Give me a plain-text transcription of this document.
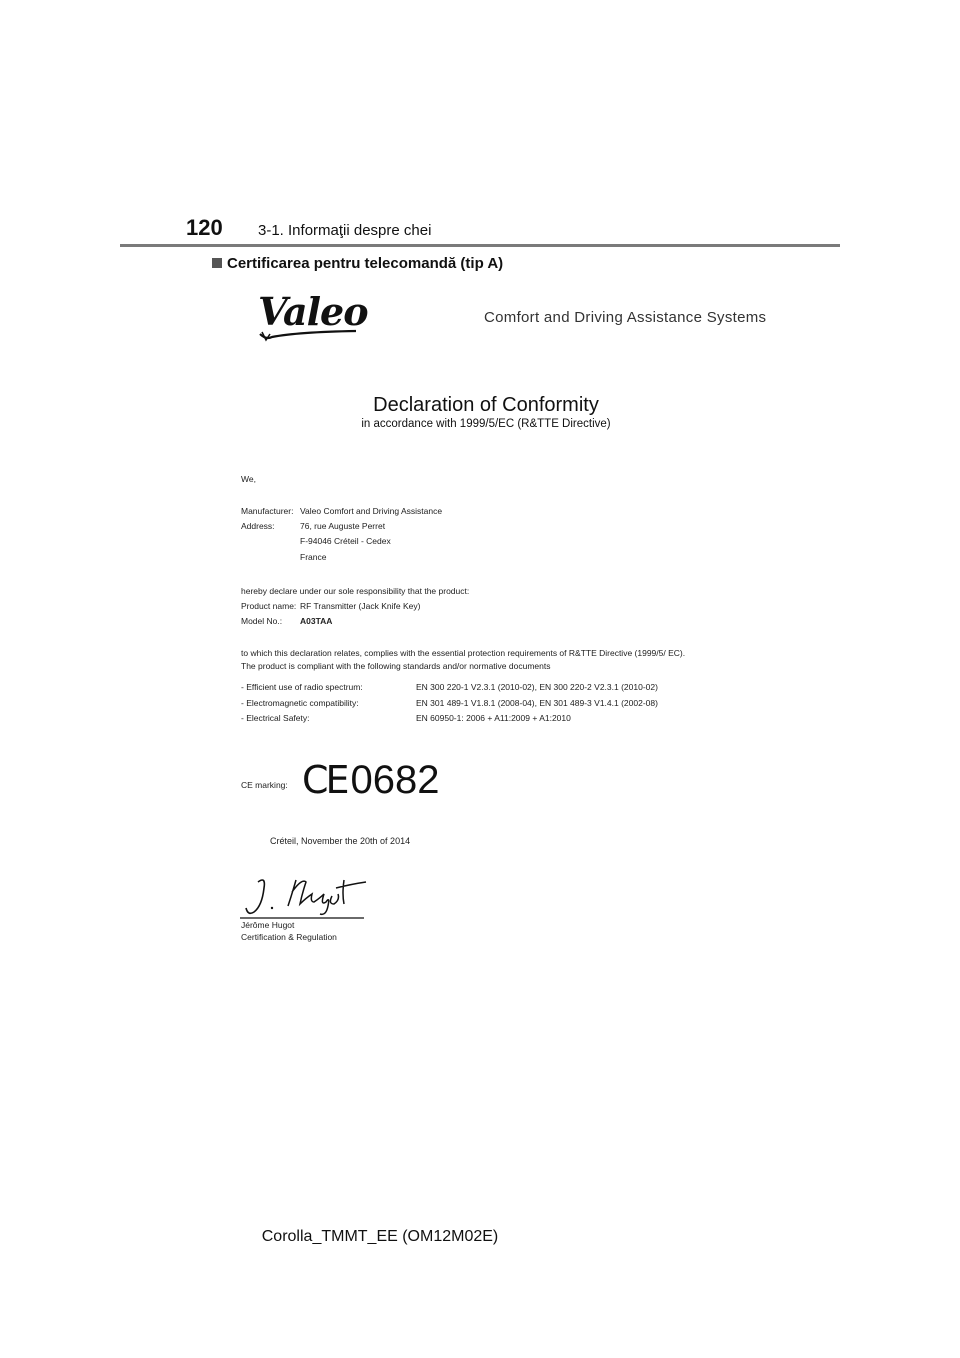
120 3-1. Informaţii despre chei
Certificarea pentru telecomandă (tip A)
Valeo	Comfort and Driving Assistance Systems
Declaration of Conformity
in accordance with 1999/5/EC (R&TTE Directive)
We,
Manufacturer: Valeo Comfort and Driving Assistance
Address:	76, rue Auguste Perret
F-94046 Créteil - Cedex
France
hereby declare under our sole responsibility that the product:
Product name: RF Transmitter (Jack Knife Key)
Model No.: A03TAA
to which this declaration relates, complies with the essential protection requirements of R&TTE Directive (1999/5/ EC).
The product is compliant with the following standards and/or normative documents
- Efficient use of radio spectrum:	EN 300 220-1 V2.3.1 (2010-02), EN 300 220-2 V2.3.1 (2010-02)
- Electromagnetic compatibility:	EN 301 489-1 V1.8.1 (2008-04), EN 301 489-3 V1.4.1 (2002-08)
- Electrical Safety:	EN 60950-1: 2006 + A11:2009 + A1:2010
CE marking: CE 0682
Créteil, November the 20th of 2014
Jérôme Hugot
Certification & Regulation
Corolla_TMMT_EE (OM12M02E)
